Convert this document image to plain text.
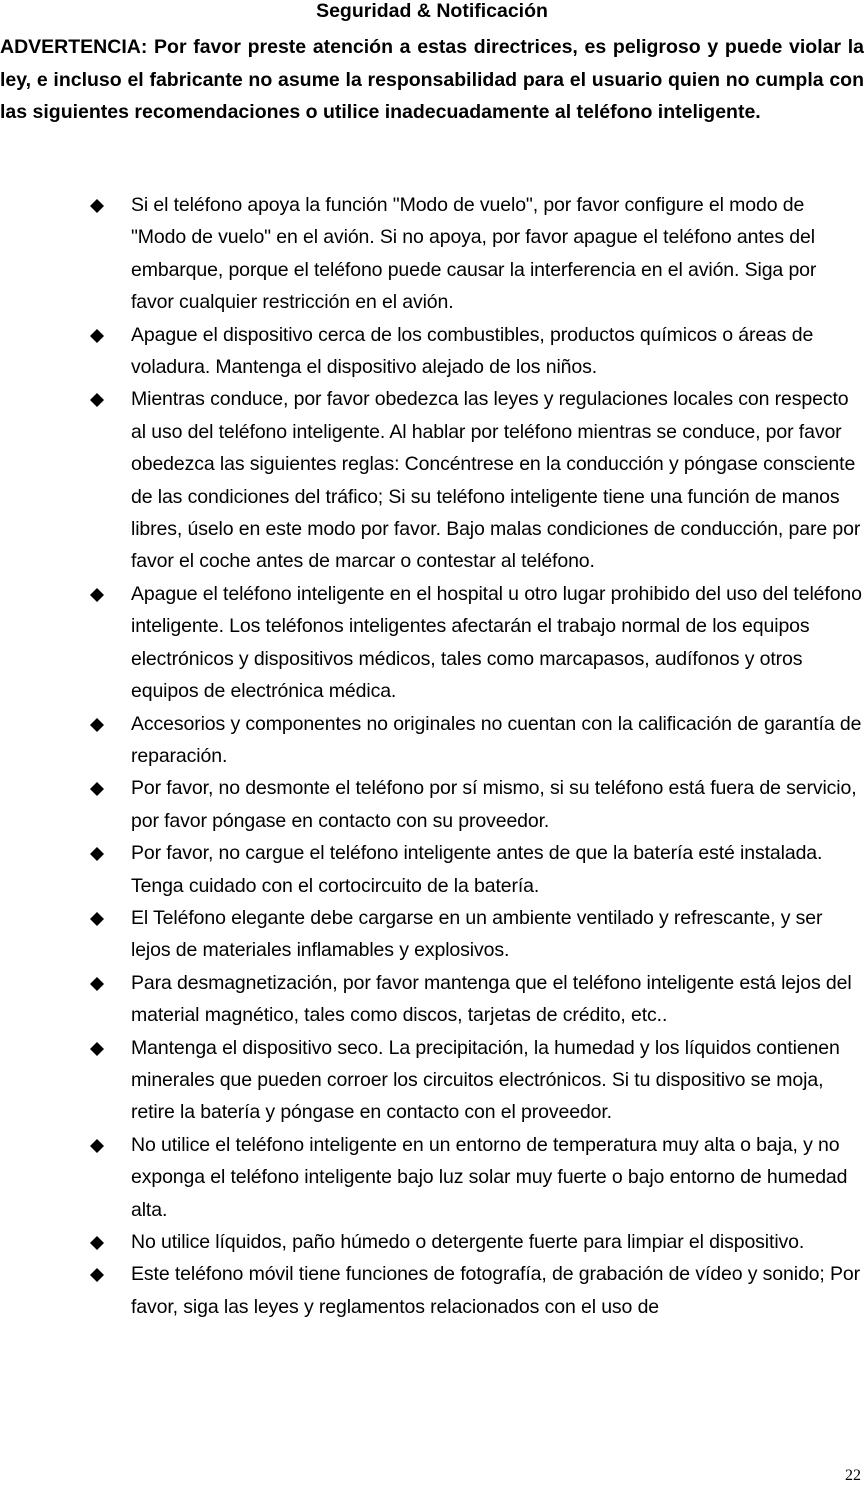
Seguridad & Notificación

ADVERTENCIA: Por favor preste atención a estas directrices, es peligroso y puede violar la ley, e incluso el fabricante no asume la responsabilidad para el usuario quien no cumpla con las siguientes recomendaciones o utilice inadecuadamente al teléfono inteligente.

Si el teléfono apoya la función "Modo de vuelo", por favor configure el modo de "Modo de vuelo" en el avión. Si no apoya, por favor apague el teléfono antes del embarque, porque el teléfono puede causar la interferencia en el avión. Siga por favor cualquier restricción en el avión.
Apague el dispositivo cerca de los combustibles, productos químicos o áreas de voladura. Mantenga el dispositivo alejado de los niños.
Mientras conduce, por favor obedezca las leyes y regulaciones locales con respecto al uso del teléfono inteligente. Al hablar por teléfono mientras se conduce, por favor obedezca las siguientes reglas: Concéntrese en la conducción y póngase consciente de las condiciones del tráfico; Si su teléfono inteligente tiene una función de manos libres, úselo en este modo por favor. Bajo malas condiciones de conducción, pare por favor el coche antes de marcar o contestar al teléfono.
Apague el teléfono inteligente en el hospital u otro lugar prohibido del uso del teléfono inteligente. Los teléfonos inteligentes afectarán el trabajo normal de los equipos electrónicos y dispositivos médicos, tales como marcapasos, audífonos y otros equipos de electrónica médica.
Accesorios y componentes no originales no cuentan con la calificación de garantía de reparación.
Por favor, no desmonte el teléfono por sí mismo, si su teléfono está fuera de servicio, por favor póngase en contacto con su proveedor.
Por favor, no cargue el teléfono inteligente antes de que la batería esté instalada. Tenga cuidado con el cortocircuito de la batería.
El Teléfono elegante debe cargarse en un ambiente ventilado y refrescante, y ser lejos de materiales inflamables y explosivos.
Para desmagnetización, por favor mantenga que el teléfono inteligente está lejos del material magnético, tales como discos, tarjetas de crédito, etc..
Mantenga el dispositivo seco. La precipitación, la humedad y los líquidos contienen minerales que pueden corroer los circuitos electrónicos. Si tu dispositivo se moja, retire la batería y póngase en contacto con el proveedor.
No utilice el teléfono inteligente en un entorno de temperatura muy alta o baja, y no exponga el teléfono inteligente bajo luz solar muy fuerte o bajo entorno de humedad alta.
No utilice líquidos, paño húmedo o detergente fuerte para limpiar el dispositivo.
Este teléfono móvil tiene funciones de fotografía, de grabación de vídeo y sonido; Por favor, siga las leyes y reglamentos relacionados con el uso de
22
